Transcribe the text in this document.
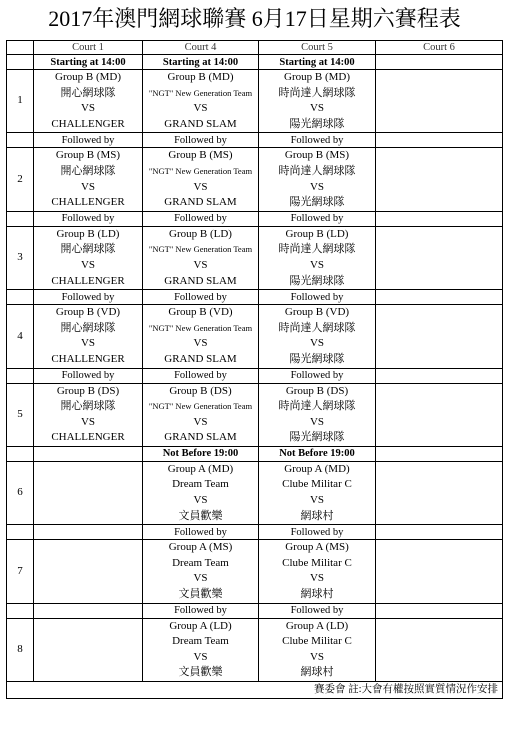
2017年澳門網球聯賽 6月17日星期六賽程表
	Court 1	Court 4	Court 5	Court 6
	Starting at 14:00	Starting at 14:00	Starting at 14:00	
1	Group B (MD)
開心網球隊
VS
CHALLENGER	Group B (MD)
"NGT" New Generation Team
VS
GRAND SLAM	Group B (MD)
時尚達人網球隊
VS
陽光網球隊	

	Followed by	Followed by	Followed by	
2	Group B (MS)
開心網球隊
VS
CHALLENGER	Group B (MS)
"NGT" New Generation Team
VS
GRAND SLAM	Group B (MS)
時尚達人網球隊
VS
陽光網球隊	

	Followed by	Followed by	Followed by	
3	Group B (LD)
開心網球隊
VS
CHALLENGER	Group B (LD)
"NGT" New Generation Team
VS
GRAND SLAM	Group B (LD)
時尚達人網球隊
VS
陽光網球隊	

	Followed by	Followed by	Followed by	
4	Group B (VD)
開心網球隊
VS
CHALLENGER	Group B (VD)
"NGT" New Generation Team
VS
GRAND SLAM	Group B (VD)
時尚達人網球隊
VS
陽光網球隊	

	Followed by	Followed by	Followed by	
5	Group B (DS)
開心網球隊
VS
CHALLENGER	Group B (DS)
"NGT" New Generation Team
VS
GRAND SLAM	Group B (DS)
時尚達人網球隊
VS
陽光網球隊	

		Not Before 19:00	Not Before 19:00	
6		Group A (MD)
Dream Team
VS
文員歡樂	Group A (MD)
Clube Militar C
VS
網球村	

		Followed by	Followed by	
7		Group A (MS)
Dream Team
VS
文員歡樂	Group A (MS)
Clube Militar C
VS
網球村	

		Followed by	Followed by	
8		Group A (LD)
Dream Team
VS
文員歡樂	Group A (LD)
Clube Militar C
VS
網球村	

賽委會 註:大會有權按照實質情況作安排				
